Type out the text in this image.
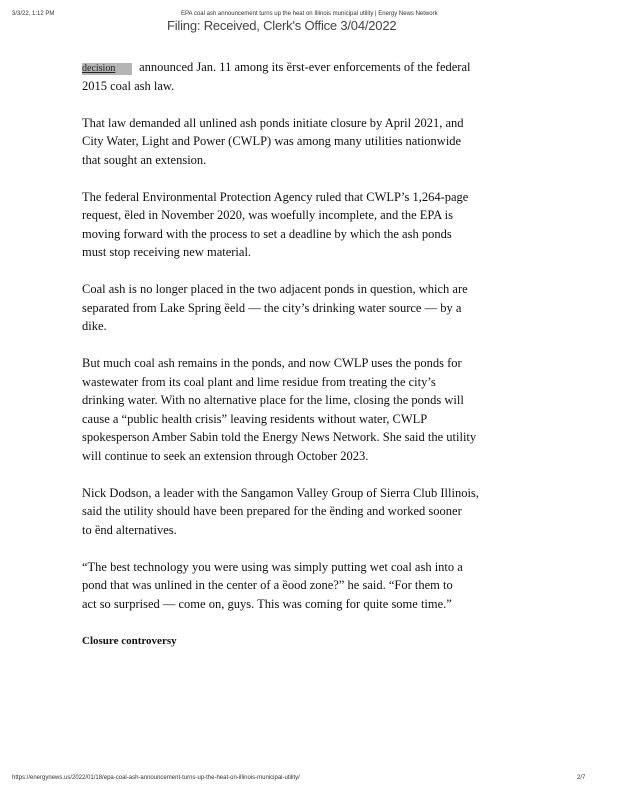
3/3/22, 1:12 PM	EPA coal ash announcement turns up the heat on Illinois municipal utility | Energy News Network
Filing: Received, Clerk's Office 3/04/2022

decision announced Jan. 11 among its ȅrst-ever enforcements of the federal
2015 coal ash law.

That law demanded all unlined ash ponds initiate closure by April 2021, and
City Water, Light and Power (CWLP) was among many utilities nationwide
that sought an extension.

The federal Environmental Protection Agency ruled that CWLP’s 1,264-page
request, ȅled in November 2020, was woefully incomplete, and the EPA is
moving forward with the process to set a deadline by which the ash ponds
must stop receiving new material.

Coal ash is no longer placed in the two adjacent ponds in question, which are
separated from Lake Spring ȅeld — the city’s drinking water source — by a
dike.

But much coal ash remains in the ponds, and now CWLP uses the ponds for
wastewater from its coal plant and lime residue from treating the city’s
drinking water. With no alternative place for the lime, closing the ponds will
cause a “public health crisis” leaving residents without water, CWLP
spokesperson Amber Sabin told the Energy News Network. She said the utility
will continue to seek an extension through October 2023.

Nick Dodson, a leader with the Sangamon Valley Group of Sierra Club Illinois,
said the utility should have been prepared for the ȅnding and worked sooner
to ȅnd alternatives.

“The best technology you were using was simply putting wet coal ash into a
pond that was unlined in the center of a ȅood zone?” he said. “For them to
act so surprised — come on, guys. This was coming for quite some time.”

Closure controversy
https://energynews.us/2022/01/18/epa-coal-ash-announcement-turns-up-the-heat-on-illinois-municipal-utility/	2/7
